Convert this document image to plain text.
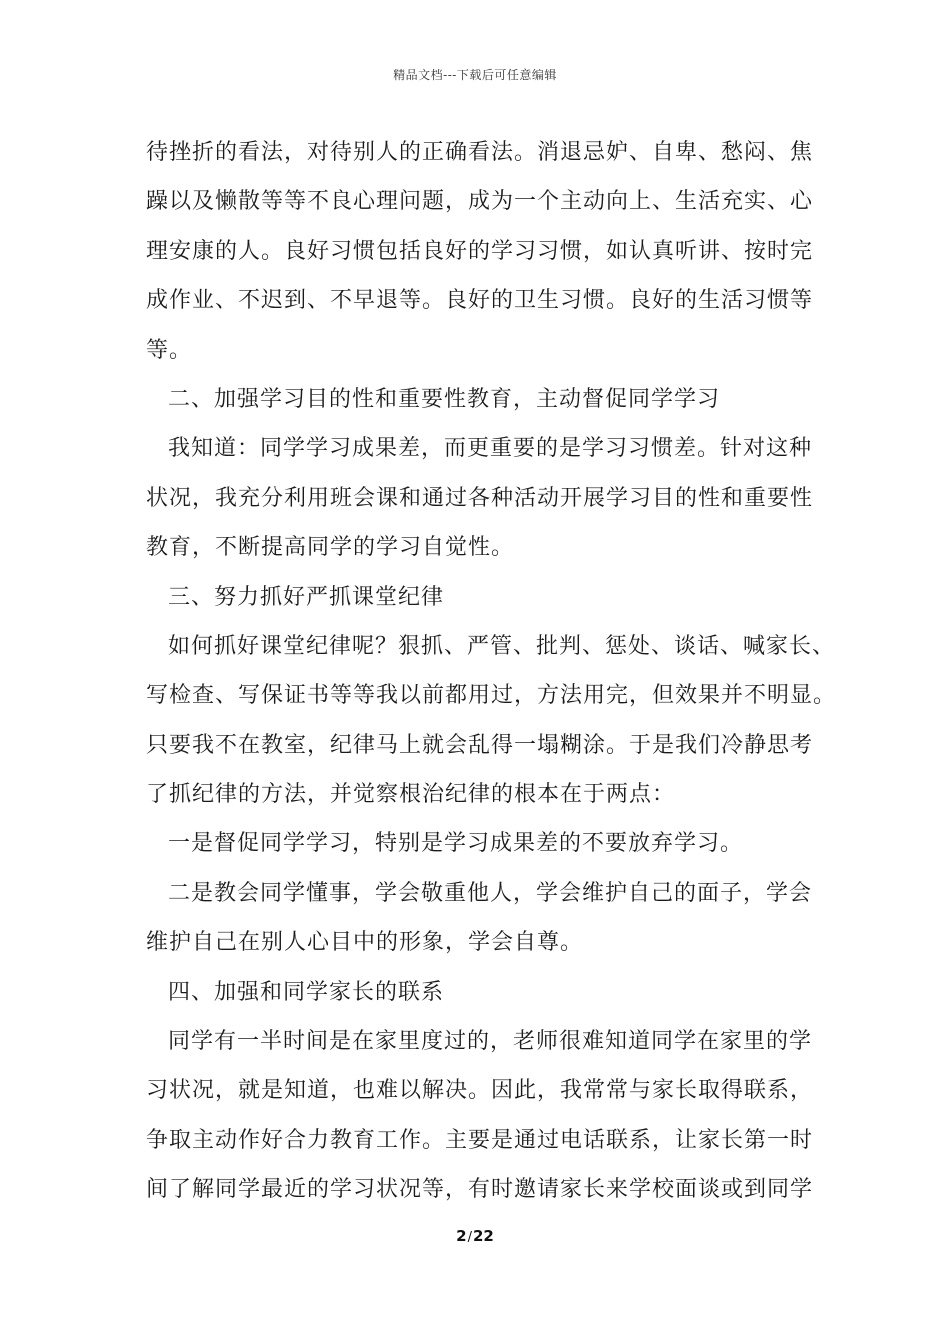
精品文档---下载后可任意编辑
待挫折的看法，对待别人的正确看法。消退忌妒、自卑、愁闷、焦
躁以及懒散等等不良心理问题，成为一个主动向上、生活充实、心
理安康的人。良好习惯包括良好的学习习惯，如认真听讲、按时完
成作业、不迟到、不早退等。良好的卫生习惯。良好的生活习惯等
等。
二、加强学习目的性和重要性教育，主动督促同学学习
我知道：同学学习成果差，而更重要的是学习习惯差。针对这种
状况，我充分利用班会课和通过各种活动开展学习目的性和重要性
教育，不断提高同学的学习自觉性。
三、努力抓好严抓课堂纪律
如何抓好课堂纪律呢？狠抓、严管、批判、惩处、谈话、喊家长、
写检查、写保证书等等我以前都用过，方法用完，但效果并不明显。
只要我不在教室，纪律马上就会乱得一塌糊涂。于是我们冷静思考
了抓纪律的方法，并觉察根治纪律的根本在于两点：
一是督促同学学习，特别是学习成果差的不要放弃学习。
二是教会同学懂事，学会敬重他人，学会维护自己的面子，学会
维护自己在别人心目中的形象，学会自尊。
四、加强和同学家长的联系
同学有一半时间是在家里度过的，老师很难知道同学在家里的学
习状况，就是知道，也难以解决。因此，我常常与家长取得联系，
争取主动作好合力教育工作。主要是通过电话联系，让家长第一时
间了解同学最近的学习状况等，有时邀请家长来学校面谈或到同学
2/22
